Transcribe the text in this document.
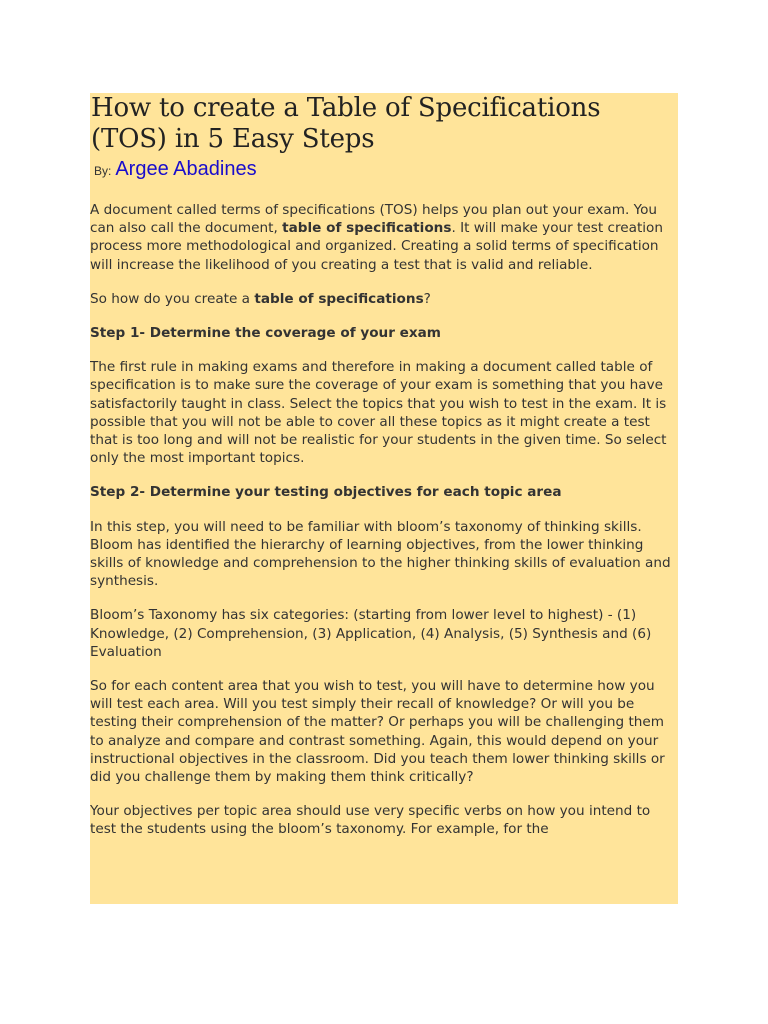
How to create a Table of Specifications (TOS) in 5 Easy Steps
By: Argee Abadines

A document called terms of specifications (TOS) helps you plan out your exam. You can also call the document, table of specifications. It will make your test creation process more methodological and organized. Creating a solid terms of specification will increase the likelihood of you creating a test that is valid and reliable.

So how do you create a table of specifications?

Step 1- Determine the coverage of your exam

The first rule in making exams and therefore in making a document called table of specification is to make sure the coverage of your exam is something that you have satisfactorily taught in class. Select the topics that you wish to test in the exam. It is possible that you will not be able to cover all these topics as it might create a test that is too long and will not be realistic for your students in the given time. So select only the most important topics.

Step 2- Determine your testing objectives for each topic area

In this step, you will need to be familiar with bloom’s taxonomy of thinking skills. Bloom has identified the hierarchy of learning objectives, from the lower thinking skills of knowledge and comprehension to the higher thinking skills of evaluation and synthesis.

Bloom’s Taxonomy has six categories: (starting from lower level to highest) - (1) Knowledge, (2) Comprehension, (3) Application, (4) Analysis, (5) Synthesis and (6) Evaluation

So for each content area that you wish to test, you will have to determine how you will test each area. Will you test simply their recall of knowledge? Or will you be testing their comprehension of the matter? Or perhaps you will be challenging them to analyze and compare and contrast something. Again, this would depend on your instructional objectives in the classroom. Did you teach them lower thinking skills or did you challenge them by making them think critically?

Your objectives per topic area should use very specific verbs on how you intend to test the students using the bloom’s taxonomy. For example, for the
